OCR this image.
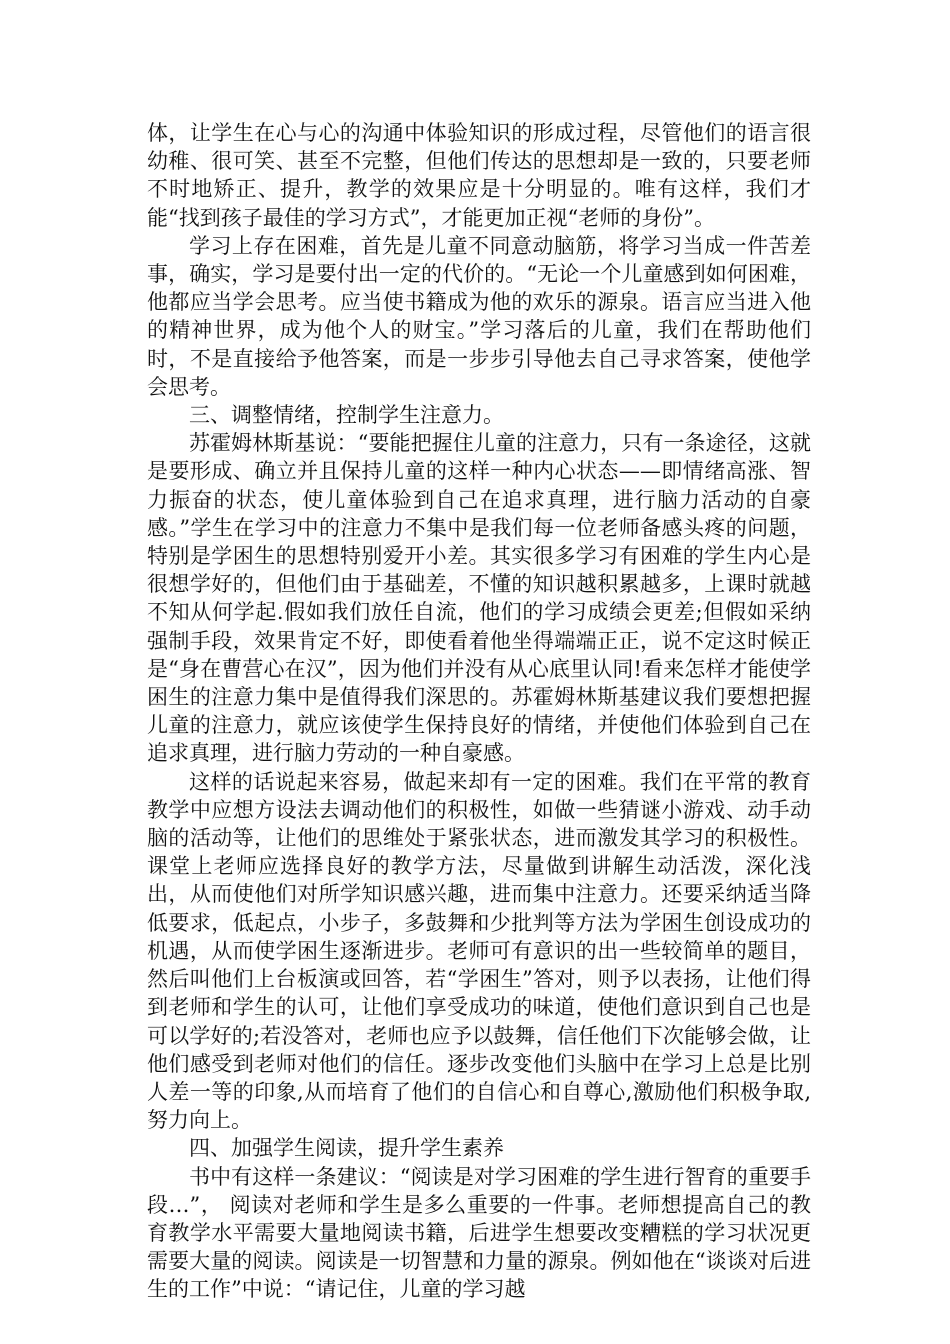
体，让学生在心与心的沟通中体验知识的形成过程，尽管他们的语言很幼稚、很可笑、甚至不完整，但他们传达的思想却是一致的，只要老师不时地矫正、提升，教学的效果应是十分明显的。唯有这样，我们才能“找到孩子最佳的学习方式”，才能更加正视“老师的身份”。

学习上存在困难，首先是儿童不同意动脑筋，将学习当成一件苦差事，确实，学习是要付出一定的代价的。“无论一个儿童感到如何困难，他都应当学会思考。应当使书籍成为他的欢乐的源泉。语言应当进入他的精神世界，成为他个人的财宝。”学习落后的儿童，我们在帮助他们时，不是直接给予他答案，而是一步步引导他去自己寻求答案，使他学会思考。

三、调整情绪，控制学生注意力。

苏霍姆林斯基说：“要能把握住儿童的注意力，只有一条途径，这就是要形成、确立并且保持儿童的这样一种内心状态——即情绪高涨、智力振奋的状态，使儿童体验到自己在追求真理，进行脑力活动的自豪感。”学生在学习中的注意力不集中是我们每一位老师备感头疼的问题，特别是学困生的思想特别爱开小差。其实很多学习有困难的学生内心是很想学好的，但他们由于基础差，不懂的知识越积累越多，上课时就越不知从何学起.假如我们放任自流，他们的学习成绩会更差;但假如采纳强制手段，效果肯定不好，即使看着他坐得端端正正，说不定这时候正是“身在曹营心在汉”，因为他们并没有从心底里认同!看来怎样才能使学困生的注意力集中是值得我们深思的。苏霍姆林斯基建议我们要想把握儿童的注意力，就应该使学生保持良好的情绪，并使他们体验到自己在追求真理，进行脑力劳动的一种自豪感。

这样的话说起来容易，做起来却有一定的困难。我们在平常的教育教学中应想方设法去调动他们的积极性，如做一些猜谜小游戏、动手动脑的活动等，让他们的思维处于紧张状态，进而激发其学习的积极性。课堂上老师应选择良好的教学方法，尽量做到讲解生动活泼，深化浅出，从而使他们对所学知识感兴趣，进而集中注意力。还要采纳适当降低要求，低起点，小步子，多鼓舞和少批判等方法为学困生创设成功的机遇，从而使学困生逐渐进步。老师可有意识的出一些较简单的题目，然后叫他们上台板演或回答，若“学困生”答对，则予以表扬，让他们得到老师和学生的认可，让他们享受成功的味道，使他们意识到自己也是可以学好的;若没答对，老师也应予以鼓舞，信任他们下次能够会做，让他们感受到老师对他们的信任。逐步改变他们头脑中在学习上总是比别人差一等的印象,从而培育了他们的自信心和自尊心,激励他们积极争取,努力向上。

四、加强学生阅读，提升学生素养

书中有这样一条建议：“阅读是对学习困难的学生进行智育的重要手段…”， 阅读对老师和学生是多么重要的一件事。老师想提高自己的教育教学水平需要大量地阅读书籍，后进学生想要改变糟糕的学习状况更需要大量的阅读。阅读是一切智慧和力量的源泉。例如他在“谈谈对后进生的工作”中说：“请记住，儿童的学习越
